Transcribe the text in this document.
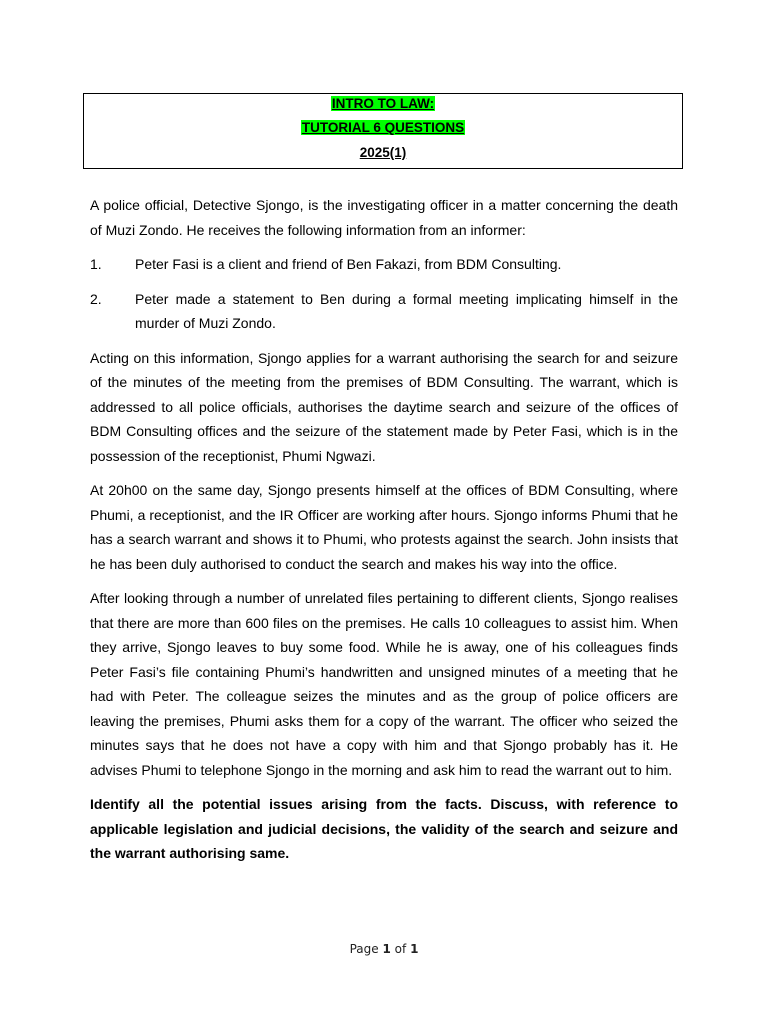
INTRO TO LAW:
TUTORIAL 6 QUESTIONS
2025(1)

A police official, Detective Sjongo, is the investigating officer in a matter concerning the death of Muzi Zondo. He receives the following information from an informer:

1.	Peter Fasi is a client and friend of Ben Fakazi, from BDM Consulting.
2.	Peter made a statement to Ben during a formal meeting implicating himself in the murder of Muzi Zondo.

Acting on this information, Sjongo applies for a warrant authorising the search for and seizure of the minutes of the meeting from the premises of BDM Consulting. The warrant, which is addressed to all police officials, authorises the daytime search and seizure of the offices of BDM Consulting offices and the seizure of the statement made by Peter Fasi, which is in the possession of the receptionist, Phumi Ngwazi.

At 20h00 on the same day, Sjongo presents himself at the offices of BDM Consulting, where Phumi, a receptionist, and the IR Officer are working after hours. Sjongo informs Phumi that he has a search warrant and shows it to Phumi, who protests against the search. John insists that he has been duly authorised to conduct the search and makes his way into the office.

After looking through a number of unrelated files pertaining to different clients, Sjongo realises that there are more than 600 files on the premises. He calls 10 colleagues to assist him. When they arrive, Sjongo leaves to buy some food. While he is away, one of his colleagues finds Peter Fasi’s file containing Phumi’s handwritten and unsigned minutes of a meeting that he had with Peter. The colleague seizes the minutes and as the group of police officers are leaving the premises, Phumi asks them for a copy of the warrant. The officer who seized the minutes says that he does not have a copy with him and that Sjongo probably has it. He advises Phumi to telephone Sjongo in the morning and ask him to read the warrant out to him.

Identify all the potential issues arising from the facts. Discuss, with reference to applicable legislation and judicial decisions, the validity of the search and seizure and the warrant authorising same.

Page 1 of 1
